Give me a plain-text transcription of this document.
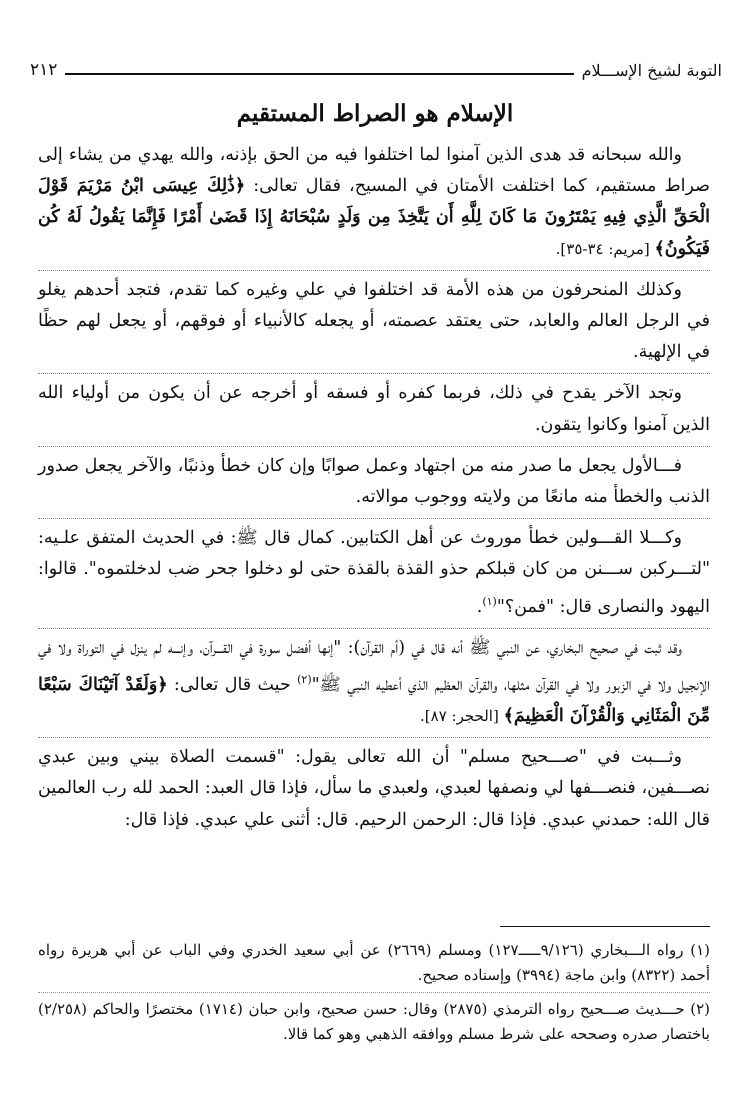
التوبة لشيخ الإســـلام
٢١٢
الإسلام هو الصراط المستقيم

والله سبحانه قد هدى الذين آمنوا لما اختلفوا فيه من الحق بإذنه، والله يهدي من يشاء إلى صراط مستقيم، كما اختلفت الأمتان في المسيح، فقال تعالى: ﴿ذَٰلِكَ عِيسَى ابْنُ مَرْيَمَ قَوْلَ الْحَقِّ الَّذِي فِيهِ يَمْتَرُونَ مَا كَانَ لِلَّهِ أَن يَتَّخِذَ مِن وَلَدٍ سُبْحَانَهُ إِذَا قَضَىٰ أَمْرًا فَإِنَّمَا يَقُولُ لَهُ كُن فَيَكُونُ﴾ [مريم: ٣٤-٣٥].

وكذلك المنحرفون من هذه الأمة قد اختلفوا في علي وغيره كما تقدم، فتجد أحدهم يغلو في الرجل العالم والعابد، حتى يعتقد عصمته، أو يجعله كالأنبياء أو فوقهم، أو يجعل لهم حظًا في الإلهية.

وتجد الآخر يقدح في ذلك، فربما كفره أو فسقه أو أخرجه عن أن يكون من أولياء الله الذين آمنوا وكانوا يتقون.

فـــالأول يجعل ما صدر منه من اجتهاد وعمل صوابًا وإن كان خطأ وذنبًا، والآخر يجعل صدور الذنب والخطأ منه مانعًا من ولايته ووجوب موالاته.

وكـــلا القـــولين خطأ موروث عن أهل الكتابين. كمال قال ﷺ: في الحديث المتفق علـيه: "لتـــركبن ســـنن من كان قبلكم حذو القذة بالقذة حتى لو دخلوا جحر ضب لدخلتموه". قالوا: اليهود والنصارى قال: "فمن؟"$^{(١)}$.

وقد ثبت في صحيح البخاري، عن النبي ﷺ أنه قال في (أم القرآن): "إنها أفضل سورة في القـــرآن، وإنـــه لم ينزل في التوراة ولا في الإنجيل ولا في الزبور ولا في القرآن مثلها، والقرآن العظيم الذي أعطيه النبي ﷺ"$^{(٢)}$ حيث قال تعالى: ﴿وَلَقَدْ آتَيْنَاكَ سَبْعًا مِّنَ الْمَثَانِي وَالْقُرْآنَ الْعَظِيمَ﴾ [الحجر: ٨٧].

وثـــبت في "صـــحيح مسلم" أن الله تعالى يقول: "قسمت الصلاة بيني وبين عبدي نصـــفين، فنصـــفها لي ونصفها لعبدي، ولعبدي ما سأل، فإذا قال العبد: الحمد لله رب العالمين قال الله: حمدني عبدي. فإذا قال: الرحمن الرحيم. قال: أثنى علي عبدي. فإذا قال:

(١) رواه الـــبخاري (٩/١٢٦ـــــ١٢٧) ومسلم (٢٦٦٩) عن أبي سعيد الخدري وفي الباب عن أبي هريرة رواه أحمد (٨٣٢٢) وابن ماجة (٣٩٩٤) وإسناده صحيح.

(٢) حـــديث صـــحيح رواه الترمذي (٢٨٧٥) وقال: حسن صحيح، وابن حبان (١٧١٤) مختصرًا والحاكم (٢/٢٥٨) باختصار صدره وصححه على شرط مسلم ووافقه الذهبي وهو كما قالا.
